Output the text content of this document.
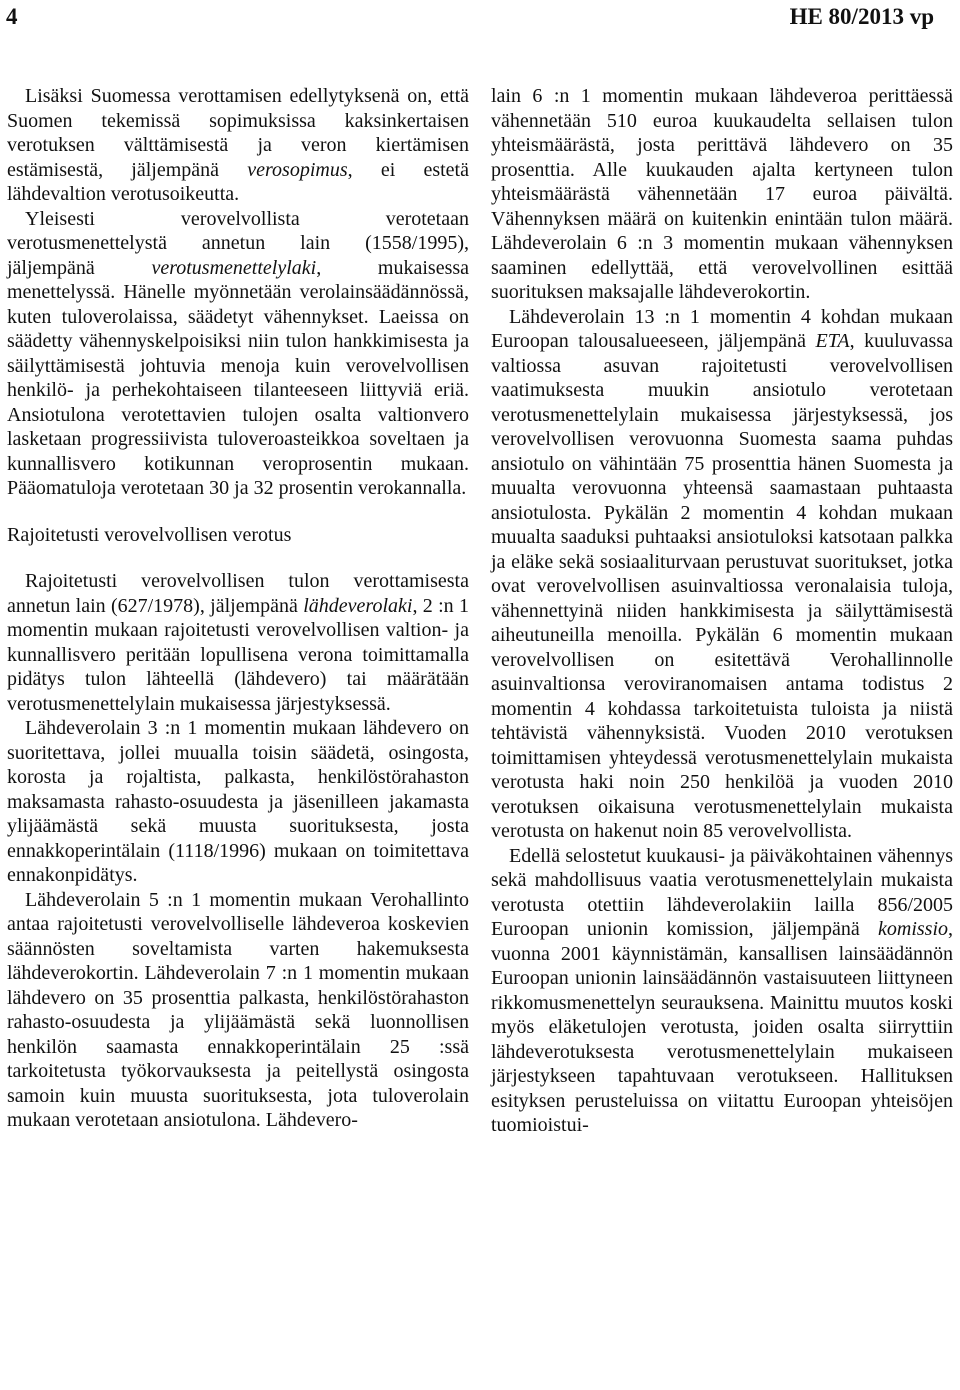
4	HE 80/2013 vp

Lisäksi Suomessa verottamisen edellytyksenä on, että Suomen tekemissä sopimuksissa kaksinkertaisen verotuksen välttämisestä ja veron kiertämisen estämisestä, jäljempänä verosopimus, ei estetä lähdevaltion verotusoikeutta.

Yleisesti verovelvollista verotetaan verotusmenettelystä annetun lain (1558/1995), jäljempänä verotusmenettelylaki, mukaisessa menettelyssä. Hänelle myönnetään verolainsäädännössä, kuten tuloverolaissa, säädetyt vähennykset. Laeissa on säädetty vähennyskelpoisiksi niin tulon hankkimisesta ja säilyttämisestä johtuvia menoja kuin verovelvollisen henkilö- ja perhekohtaiseen tilanteeseen liittyviä eriä. Ansiotulona verotettavien tulojen osalta valtionvero lasketaan progressiivista tuloveroasteikkoa soveltaen ja kunnallisvero kotikunnan veroprosentin mukaan. Pääomatuloja verotetaan 30 ja 32 prosentin verokannalla.

Rajoitetusti verovelvollisen verotus

Rajoitetusti verovelvollisen tulon verottamisesta annetun lain (627/1978), jäljempänä lähdeverolaki, 2 :n 1 momentin mukaan rajoitetusti verovelvollisen valtion- ja kunnallisvero peritään lopullisena verona toimittamalla pidätys tulon lähteellä (lähdevero) tai määrätään verotusmenettelylain mukaisessa järjestyksessä.

Lähdeverolain 3 :n 1 momentin mukaan lähdevero on suoritettava, jollei muualla toisin säädetä, osingosta, korosta ja rojaltista, palkasta, henkilöstörahaston maksamasta rahasto-osuudesta ja jäsenilleen jakamasta ylijäämästä sekä muusta suorituksesta, josta ennakkoperintälain (1118/1996) mukaan on toimitettava ennakonpidätys.

Lähdeverolain 5 :n 1 momentin mukaan Verohallinto antaa rajoitetusti verovelvolliselle lähdeveroa koskevien säännösten soveltamista varten hakemuksesta lähdeverokortin. Lähdeverolain 7 :n 1 momentin mukaan lähdevero on 35 prosenttia palkasta, henkilöstörahaston rahasto-osuudesta ja ylijäämästä sekä luonnollisen henkilön saamasta ennakkoperintälain 25 :ssä tarkoitetusta työkorvauksesta ja peitellystä osingosta samoin kuin muusta suorituksesta, jota tuloverolain mukaan verotetaan ansiotulona. Lähdevero-

lain 6 :n 1 momentin mukaan lähdeveroa perittäessä vähennetään 510 euroa kuukaudelta sellaisen tulon yhteismäärästä, josta perittävä lähdevero on 35 prosenttia. Alle kuukauden ajalta kertyneen tulon yhteismäärästä vähennetään 17 euroa päivältä. Vähennyksen määrä on kuitenkin enintään tulon määrä. Lähdeverolain 6 :n 3 momentin mukaan vähennyksen saaminen edellyttää, että verovelvollinen esittää suorituksen maksajalle lähdeverokortin.

Lähdeverolain 13 :n 1 momentin 4 kohdan mukaan Euroopan talousalueeseen, jäljempänä ETA, kuuluvassa valtiossa asuvan rajoitetusti verovelvollisen vaatimuksesta muukin ansiotulo verotetaan verotusmenettelylain mukaisessa järjestyksessä, jos verovelvollisen verovuonna Suomesta saama puhdas ansiotulo on vähintään 75 prosenttia hänen Suomesta ja muualta verovuonna yhteensä saamastaan puhtaasta ansiotulosta. Pykälän 2 momentin 4 kohdan mukaan muualta saaduksi puhtaaksi ansiotuloksi katsotaan palkka ja eläke sekä sosiaaliturvaan perustuvat suoritukset, jotka ovat verovelvollisen asuinvaltiossa veronalaisia tuloja, vähennettyinä niiden hankkimisesta ja säilyttämisestä aiheutuneilla menoilla. Pykälän 6 momentin mukaan verovelvollisen on esitettävä Verohallinnolle asuinvaltionsa veroviranomaisen antama todistus 2 momentin 4 kohdassa tarkoitetuista tuloista ja niistä tehtävistä vähennyksistä. Vuoden 2010 verotuksen toimittamisen yhteydessä verotusmenettelylain mukaista verotusta haki noin 250 henkilöä ja vuoden 2010 verotuksen oikaisuna verotusmenettelylain mukaista verotusta on hakenut noin 85 verovelvollista.

Edellä selostetut kuukausi- ja päiväkohtainen vähennys sekä mahdollisuus vaatia verotusmenettelylain mukaista verotusta otettiin lähdeverolakiin lailla 856/2005 Euroopan unionin komission, jäljempänä komissio, vuonna 2001 käynnistämän, kansallisen lainsäädännön Euroopan unionin lainsäädännön vastaisuuteen liittyneen rikkomusmenettelyn seurauksena. Mainittu muutos koski myös eläketulojen verotusta, joiden osalta siirryttiin lähdeverotuksesta verotusmenettelylain mukaiseen järjestykseen tapahtuvaan verotukseen. Hallituksen esityksen perusteluissa on viitattu Euroopan yhteisöjen tuomioistui-
